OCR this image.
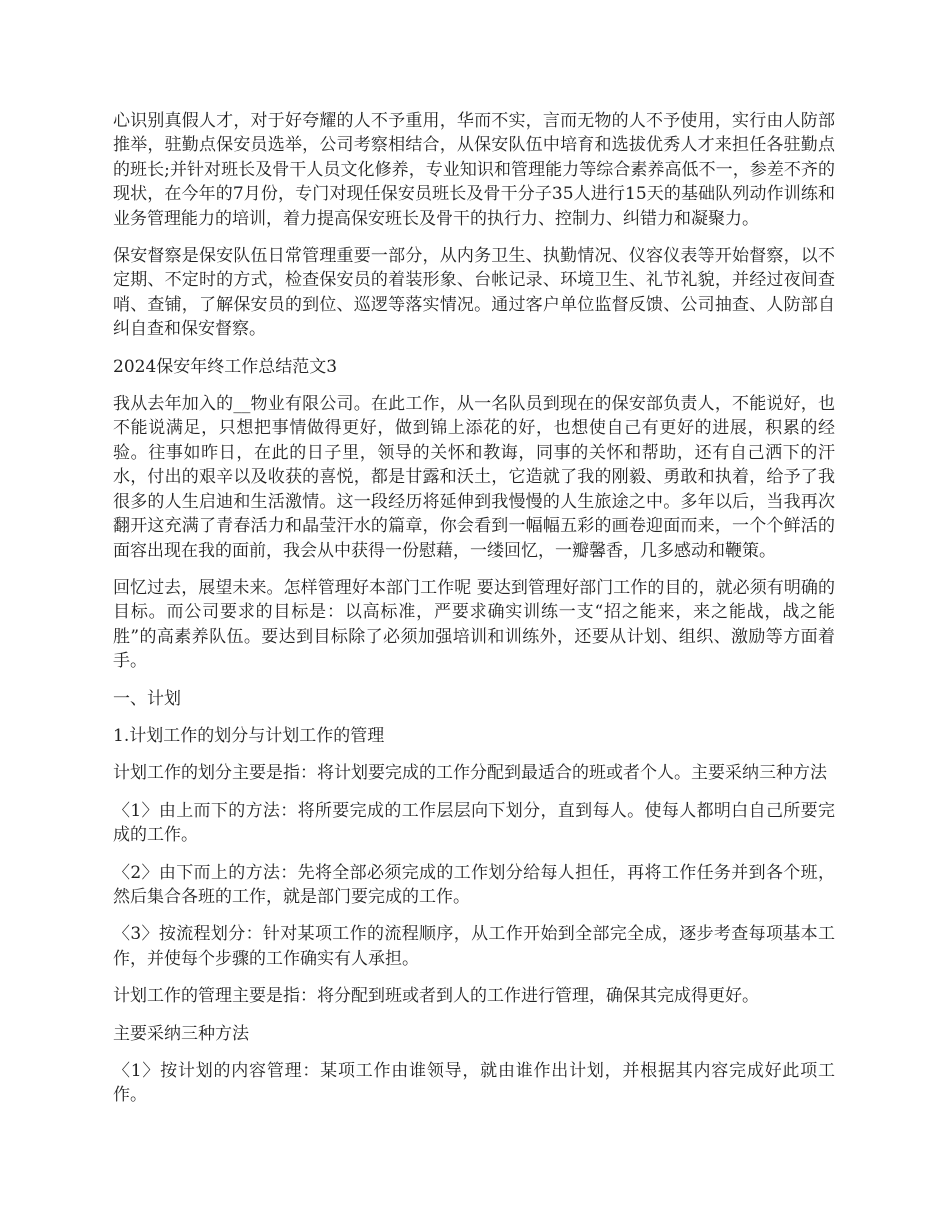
心识别真假人才，对于好夸耀的人不予重用，华而不实，言而无物的人不予使用，实行由人防部推举，驻勤点保安员选举，公司考察相结合，从保安队伍中培育和选拔优秀人才来担任各驻勤点的班长;并针对班长及骨干人员文化修养，专业知识和管理能力等综合素养高低不一，参差不齐的现状，在今年的7月份，专门对现任保安员班长及骨干分子35人进行15天的基础队列动作训练和业务管理能力的培训，着力提高保安班长及骨干的执行力、控制力、纠错力和凝聚力。

保安督察是保安队伍日常管理重要一部分，从内务卫生、执勤情况、仪容仪表等开始督察，以不定期、不定时的方式，检查保安员的着装形象、台帐记录、环境卫生、礼节礼貌，并经过夜间查哨、查铺，了解保安员的到位、巡逻等落实情况。通过客户单位监督反馈、公司抽查、人防部自纠自查和保安督察。

2024保安年终工作总结范文3

我从去年加入的__物业有限公司。在此工作，从一名队员到现在的保安部负责人，不能说好，也不能说满足，只想把事情做得更好，做到锦上添花的好，也想使自己有更好的进展，积累的经验。往事如昨日，在此的日子里，领导的关怀和教诲，同事的关怀和帮助，还有自己洒下的汗水，付出的艰辛以及收获的喜悦，都是甘露和沃土，它造就了我的刚毅、勇敢和执着，给予了我很多的人生启迪和生活激情。这一段经历将延伸到我慢慢的人生旅途之中。多年以后，当我再次翻开这充满了青春活力和晶莹汗水的篇章，你会看到一幅幅五彩的画卷迎面而来，一个个鲜活的面容出现在我的面前，我会从中获得一份慰藉，一缕回忆，一瓣馨香，几多感动和鞭策。

回忆过去，展望未来。怎样管理好本部门工作呢 要达到管理好部门工作的目的，就必须有明确的目标。而公司要求的目标是：以高标准，严要求确实训练一支“招之能来，来之能战，战之能胜”的高素养队伍。要达到目标除了必须加强培训和训练外，还要从计划、组织、激励等方面着手。

一、计划

1.计划工作的划分与计划工作的管理

计划工作的划分主要是指：将计划要完成的工作分配到最适合的班或者个人。主要采纳三种方法

〈1〉由上而下的方法：将所要完成的工作层层向下划分，直到每人。使每人都明白自己所要完成的工作。

〈2〉由下而上的方法：先将全部必须完成的工作划分给每人担任，再将工作任务并到各个班，然后集合各班的工作，就是部门要完成的工作。

〈3〉按流程划分：针对某项工作的流程顺序，从工作开始到全部完全成，逐步考查每项基本工作，并使每个步骤的工作确实有人承担。

计划工作的管理主要是指：将分配到班或者到人的工作进行管理，确保其完成得更好。

主要采纳三种方法

〈1〉按计划的内容管理：某项工作由谁领导，就由谁作出计划，并根据其内容完成好此项工作。
